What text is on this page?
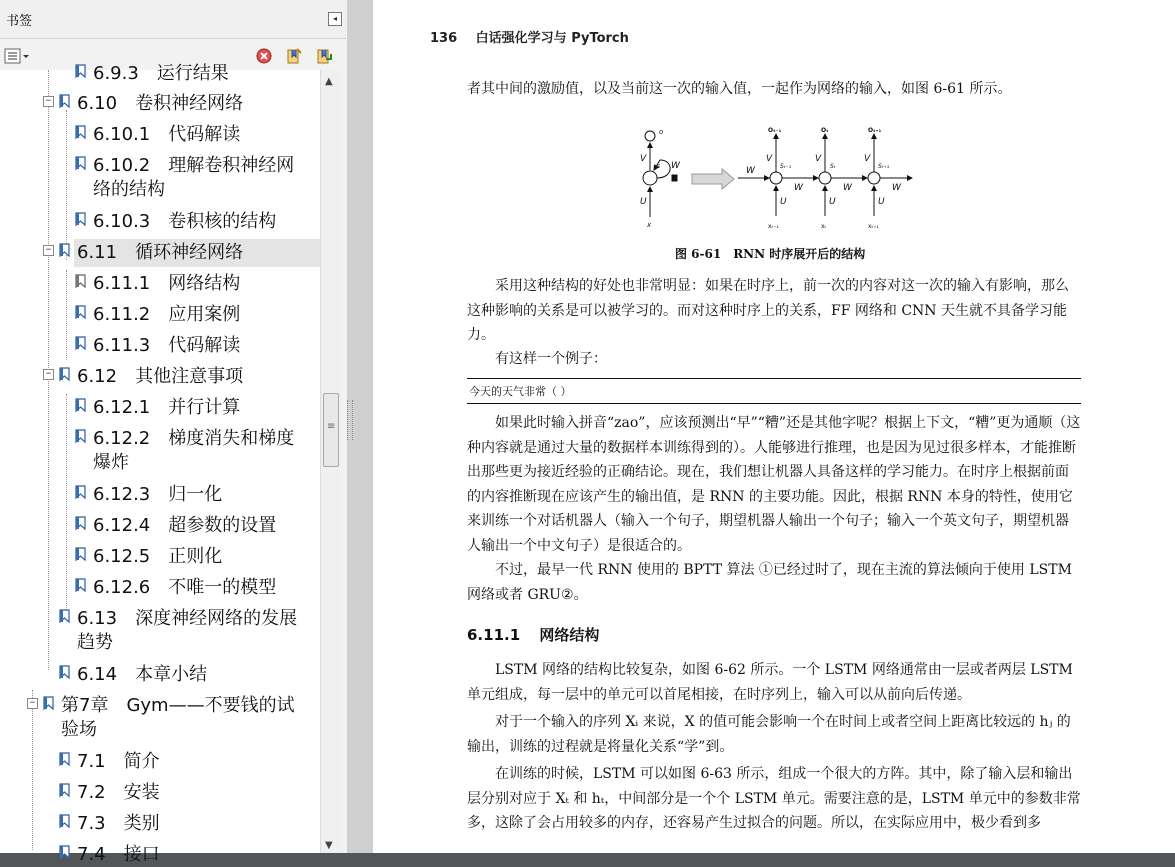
书签	◂
6.9.3　运行结果
− 6.10　卷积神经网络
6.10.1　代码解读
6.10.2　理解卷积神经网络的结构
6.10.3　卷积核的结构
− 6.11　循环神经网络
6.11.1　网络结构
6.11.2　应用案例
6.11.3　代码解读
− 6.12　其他注意事项
6.12.1　并行计算
6.12.2　梯度消失和梯度爆炸
6.12.3　归一化
6.12.4　超参数的设置
6.12.5　正则化
6.12.6　不唯一的模型
6.13　深度神经网络的发展趋势
6.14　本章小结
− 第7章　Gym——不要钱的试验场
7.1　简介
7.2　安装
7.3　类别
7.4　接口
▲
≡
▼
136 白话强化学习与 PyTorch
者其中间的激励值，以及当前这一次的输入值，一起作为网络的输入，如图 6-61 所示。
o
V
s W
U
x
W
W	W	W
Oₜ₋₁	Oₜ	Oₜ₊₁
V	V	V
Sₜ₋₁	Sₜ	Sₜ₊₁
U	U	U
xₜ₋₁	xₜ	xₜ₊₁
图 6-61　RNN 时序展开后的结构
采用这种结构的好处也非常明显：如果在时序上，前一次的内容对这一次的输入有影响，那么这种影响的关系是可以被学习的。而对这种时序上的关系，FF 网络和 CNN 天生就不具备学习能力。
有这样一个例子：
今天的天气非常（ ）
如果此时输入拼音“zao”，应该预测出“早”“糟”还是其他字呢？根据上下文，“糟”更为通顺（这种内容就是通过大量的数据样本训练得到的）。人能够进行推理，也是因为见过很多样本，才能推断出那些更为接近经验的正确结论。现在，我们想让机器人具备这样的学习能力。在时序上根据前面的内容推断现在应该产生的输出值，是 RNN 的主要功能。因此，根据 RNN 本身的特性，使用它来训练一个对话机器人（输入一个句子，期望机器人输出一个句子；输入一个英文句子，期望机器人输出一个中文句子）是很适合的。
不过，最早一代 RNN 使用的 BPTT 算法 ①已经过时了，现在主流的算法倾向于使用 LSTM 网络或者 GRU②。
6.11.1 网络结构
LSTM 网络的结构比较复杂，如图 6-62 所示。一个 LSTM 网络通常由一层或者两层 LSTM 单元组成，每一层中的单元可以首尾相接，在时序列上，输入可以从前向后传递。
对于一个输入的序列 Xᵢ 来说，X 的值可能会影响一个在时间上或者空间上距离比较远的 hⱼ 的输出，训练的过程就是将量化关系“学”到。
在训练的时候，LSTM 可以如图 6-63 所示，组成一个很大的方阵。其中，除了输入层和输出层分别对应于 Xₜ 和 hₜ，中间部分是一个个 LSTM 单元。需要注意的是，LSTM 单元中的参数非常多，这除了会占用较多的内存，还容易产生过拟合的问题。所以，在实际应用中，极少看到多
